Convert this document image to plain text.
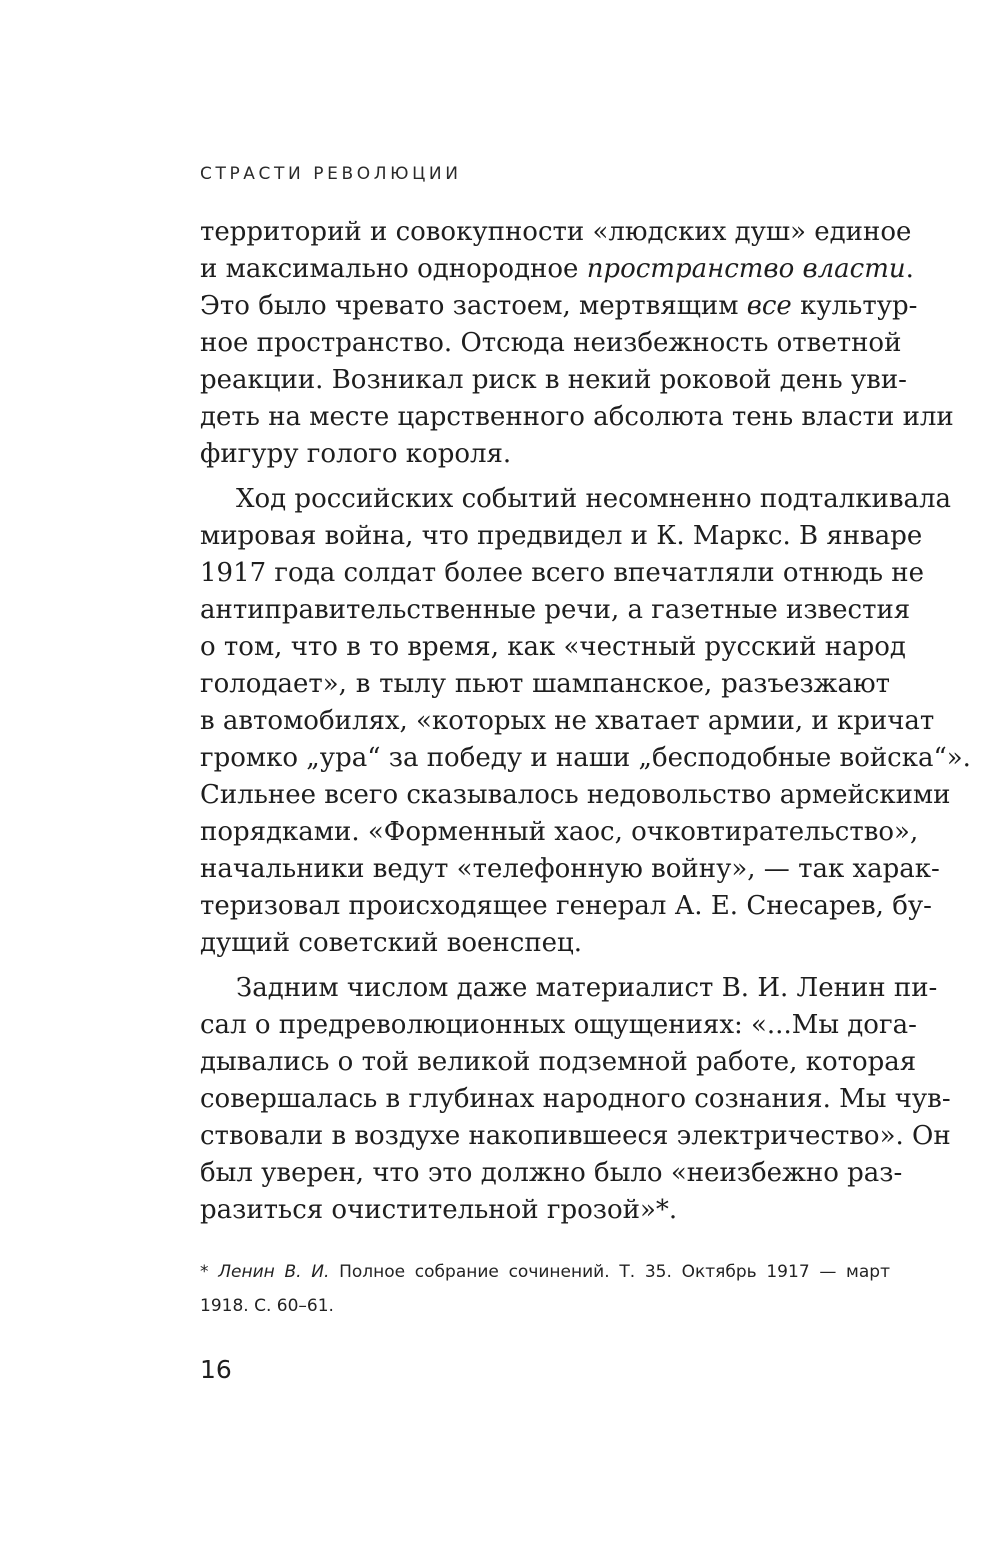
СТРАСТИ РЕВОЛЮЦИИ
территорий и совокупности «людских душ» единое
и максимально однородное пространство власти.
Это было чревато застоем, мертвящим все культур-
ное пространство. Отсюда неизбежность ответной
реакции. Возникал риск в некий роковой день уви-
деть на месте царственного абсолюта тень власти или
фигуру голого короля.
Ход российских событий несомненно подталкивала
мировая война, что предвидел и К. Маркс. В январе
1917 года солдат более всего впечатляли отнюдь не
антиправительственные речи, а газетные известия
о том, что в то время, как «честный русский народ
голодает», в тылу пьют шампанское, разъезжают
в автомобилях, «которых не хватает армии, и кричат
громко „ура“ за победу и наши „бесподобные войска“».
Сильнее всего сказывалось недовольство армейскими
порядками. «Форменный хаос, очковтирательство»,
начальники ведут «телефонную войну», — так харак-
теризовал происходящее генерал А. Е. Снесарев, бу-
дущий советский военспец.
Задним числом даже материалист В. И. Ленин пи-
сал о предреволюционных ощущениях: «...Мы дога-
дывались о той великой подземной работе, которая
совершалась в глубинах народного сознания. Мы чув-
ствовали в воздухе накопившееся электричество». Он
был уверен, что это должно было «неизбежно раз-
разиться очистительной грозой»*.
* Ленин В. И. Полное собрание сочинений. Т. 35. Октябрь 1917 — март
1918. С. 60–61.
16
